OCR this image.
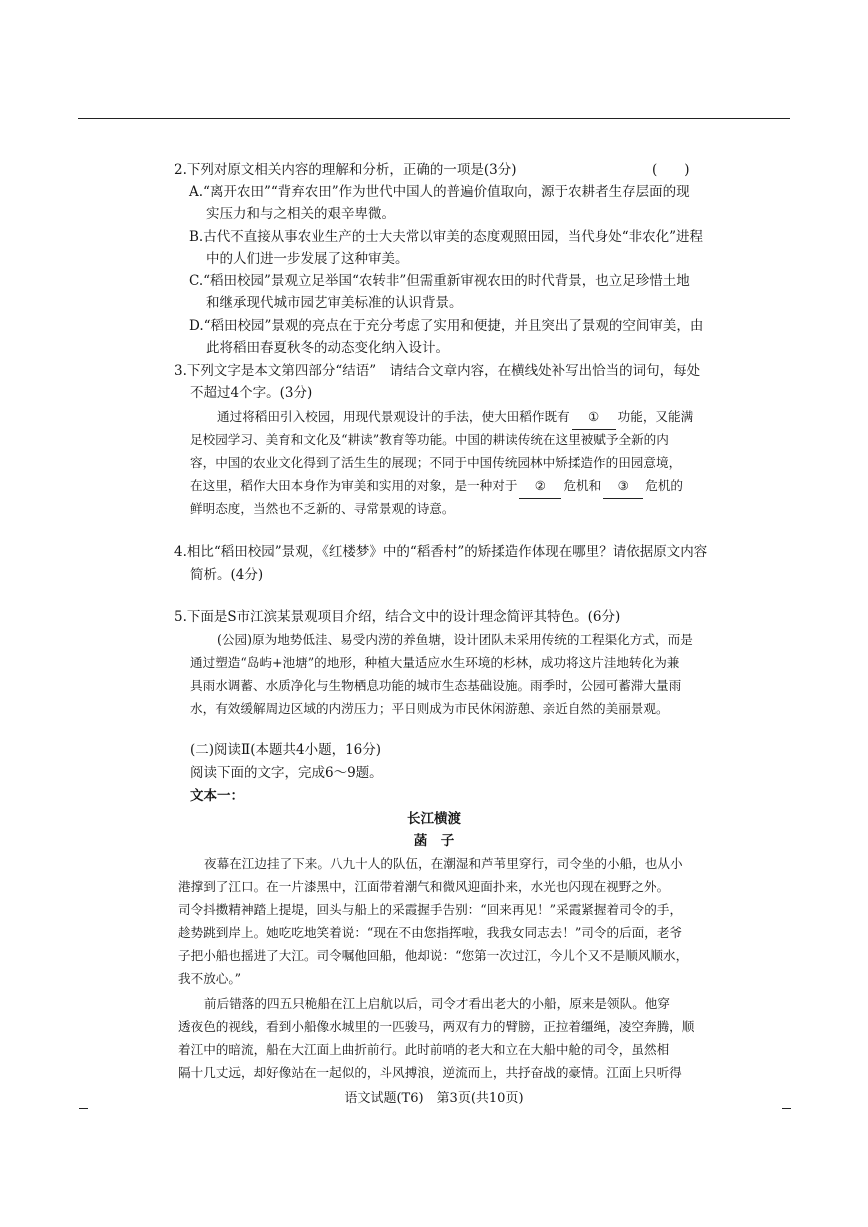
2.下列对原文相关内容的理解和分析，正确的一项是(3分)	(　　)
A.“离开农田”“背弃农田”作为世代中国人的普遍价值取向，源于农耕者生存层面的现
实压力和与之相关的艰辛卑微。
B.古代不直接从事农业生产的士大夫常以审美的态度观照田园，当代身处“非农化”进程
中的人们进一步发展了这种审美。
C.“稻田校园”景观立足举国“农转非”但需重新审视农田的时代背景，也立足珍惜土地
和继承现代城市园艺审美标准的认识背景。
D.“稻田校园”景观的亮点在于充分考虑了实用和便捷，并且突出了景观的空间审美，由
此将稻田春夏秋冬的动态变化纳入设计。
3.下列文字是本文第四部分“结语”　请结合文章内容，在横线处补写出恰当的词句，每处
不超过4个字。(3分)
通过将稻田引入校园，用现代景观设计的手法，使大田稻作既有 ① 功能，又能满
足校园学习、美育和文化及“耕读”教育等功能。中国的耕读传统在这里被赋予全新的内
容，中国的农业文化得到了活生生的展现；不同于中国传统园林中矫揉造作的田园意境，
在这里，稻作大田本身作为审美和实用的对象，是一种对于 ② 危机和 ③ 危机的
鲜明态度，当然也不乏新的、寻常景观的诗意。
4.相比“稻田校园”景观，《红楼梦》中的“稻香村”的矫揉造作体现在哪里？请依据原文内容
简析。(4分)
5.下面是S市江滨某景观项目介绍，结合文中的设计理念简评其特色。(6分)
(公园)原为地势低洼、易受内涝的养鱼塘，设计团队未采用传统的工程渠化方式，而是
通过塑造“岛屿+池塘”的地形，种植大量适应水生环境的杉林，成功将这片洼地转化为兼
具雨水调蓄、水质净化与生物栖息功能的城市生态基础设施。雨季时，公园可蓄滞大量雨
水，有效缓解周边区域的内涝压力；平日则成为市民休闲游憩、亲近自然的美丽景观。
(二)阅读Ⅱ(本题共4小题，16分)
阅读下面的文字，完成6～9题。
文本一：
长江横渡
菡　子
夜幕在江边挂了下来。八九十人的队伍，在潮湿和芦苇里穿行，司令坐的小船，也从小
港撑到了江口。在一片漆黑中，江面带着潮气和微风迎面扑来，水光也闪现在视野之外。
司令抖擞精神踏上提堤，回头与船上的采霞握手告别：“回来再见！”采霞紧握着司令的手，
趁势跳到岸上。她吃吃地笑着说：“现在不由您指挥啦，我我女同志去！”司令的后面，老爷
子把小船也摇进了大江。司令嘱他回船，他却说：“您第一次过江，今儿个又不是顺风顺水，
我不放心。”
前后错落的四五只桅船在江上启航以后，司令才看出老大的小船，原来是领队。他穿
透夜色的视线，看到小船像水城里的一匹骏马，两双有力的臂膀，正拉着缰绳，凌空奔腾，顺
着江中的暗流，船在大江面上曲折前行。此时前哨的老大和立在大船中舱的司令，虽然相
隔十几丈远，却好像站在一起似的，斗风搏浪，逆流而上，共抒奋战的豪情。江面上只听得
语文试题(T6)　第3页(共10页)
